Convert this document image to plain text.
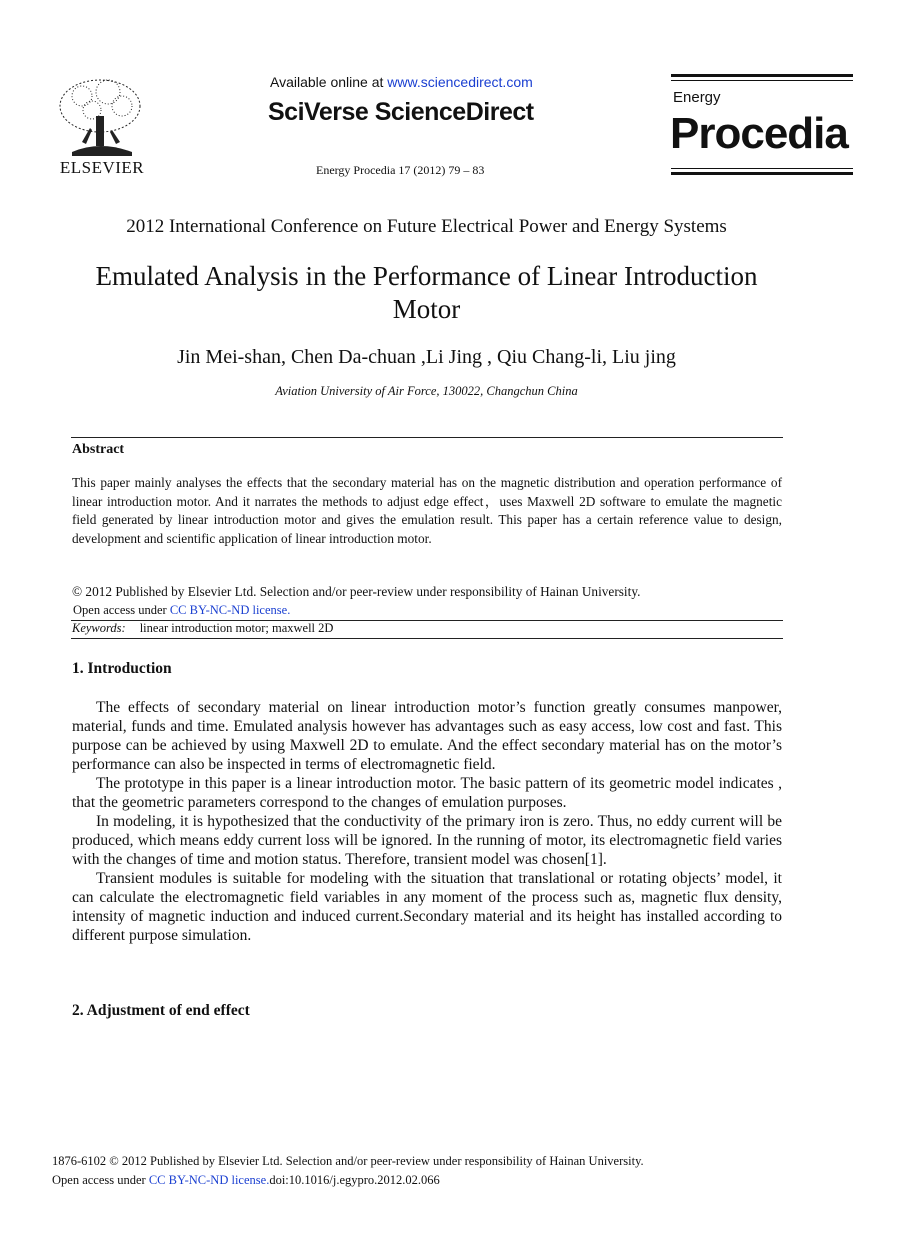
ELSEVIER
Available online at www.sciencedirect.com
SciVerse ScienceDirect
Energy Procedia 17 (2012) 79 – 83
Energy
Procedia
2012 International Conference on Future Electrical Power and Energy Systems
Emulated Analysis in the Performance of Linear Introduction
Motor
Jin Mei-shan, Chen Da-chuan ,Li Jing , Qiu Chang-li, Liu jing
Aviation University of Air Force, 130022, Changchun China
Abstract
This paper mainly analyses the effects that the secondary material has on the magnetic distribution and operation performance of linear introduction motor. And it narrates the methods to adjust edge effect，uses Maxwell 2D software to emulate the magnetic field generated by linear introduction motor and gives the emulation result. This paper has a certain reference value to design, development and scientific application of linear introduction motor.
© 2012 Published by Elsevier Ltd. Selection and/or peer-review under responsibility of Hainan University.
Open access under CC BY-NC-ND license.
Keywords: linear introduction motor; maxwell 2D
1. Introduction

The effects of secondary material on linear introduction motor’s function greatly consumes manpower, material, funds and time. Emulated analysis however has advantages such as easy access, low cost and fast. This purpose can be achieved by using Maxwell 2D to emulate. And the effect secondary material has on the motor’s performance can also be inspected in terms of electromagnetic field.

The prototype in this paper is a linear introduction motor. The basic pattern of its geometric model indicates , that the geometric parameters correspond to the changes of emulation purposes.

In modeling, it is hypothesized that the conductivity of the primary iron is zero. Thus, no eddy current will be produced, which means eddy current loss will be ignored. In the running of motor, its electromagnetic field varies with the changes of time and motion status. Therefore, transient model was chosen[1].

Transient modules is suitable for modeling with the situation that translational or rotating objects’ model, it can calculate the electromagnetic field variables in any moment of the process such as, magnetic flux density, intensity of magnetic induction and induced current.Secondary material and its height has installed according to different purpose simulation.

2. Adjustment of end effect
1876-6102 © 2012 Published by Elsevier Ltd. Selection and/or peer-review under responsibility of Hainan University.
Open access under CC BY-NC-ND license.doi:10.1016/j.egypro.2012.02.066
